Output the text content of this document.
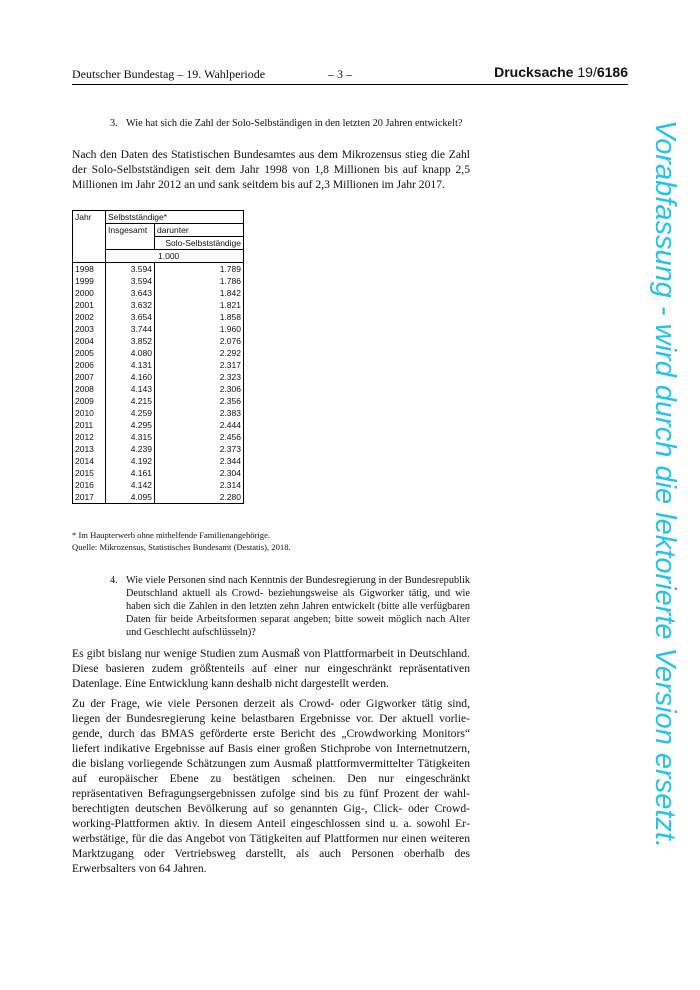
Deutscher Bundestag – 19. Wahlperiode	– 3 –	Drucksache 19/6186
3. Wie hat sich die Zahl der Solo-Selbständigen in den letzten 20 Jahren entwickelt?

Nach den Daten des Statistischen Bundesamtes aus dem Mikrozensus stieg die Zahl der Solo-Selbstständigen seit dem Jahr 1998 von 1,8 Millionen bis auf knapp 2,5 Millionen im Jahr 2012 an und sank seitdem bis auf 2,3 Millionen im Jahr 2017.

Jahr	Selbstständige*	
	Insgesamt	darunter
		Solo-Selbstständige
	1.000	
1998	3.594	1.789
1999	3.594	1.786
2000	3.643	1.842
2001	3.632	1.821
2002	3.654	1.858
2003	3.744	1.960
2004	3.852	2.076
2005	4.080	2.292
2006	4.131	2.317
2007	4.160	2.323
2008	4.143	2.306
2009	4.215	2.356
2010	4.259	2.383
2011	4.295	2.444
2012	4.315	2.456
2013	4.239	2.373
2014	4.192	2.344
2015	4.161	2.304
2016	4.142	2.314
2017	4.095	2.280
* Im Haupterwerb ohne mithelfende Familienangehörige.
Quelle: Mikrozensus, Statistisches Bundesamt (Destatis), 2018.
4. Wie viele Personen sind nach Kenntnis der Bundesregierung in der Bundesrepublik Deutschland aktuell als Crowd- beziehungsweise als Gigworker tätig, und wie haben sich die Zahlen in den letzten zehn Jahren entwickelt (bitte alle verfügbaren Daten für beide Arbeitsformen separat angeben; bitte soweit möglich nach Alter und Geschlecht aufschlüsseln)?

Es gibt bislang nur wenige Studien zum Ausmaß von Plattformarbeit in Deutschland. Diese basieren zudem größtenteils auf einer nur eingeschränkt repräsentativen Datenlage. Eine Entwicklung kann deshalb nicht dargestellt werden.

Zu der Frage, wie viele Personen derzeit als Crowd- oder Gigworker tätig sind, liegen der Bundesregierung keine belastbaren Ergebnisse vor. Der aktuell vorliegende, durch das BMAS geförderte erste Bericht des „Crowdworking Monitors“ liefert indikative Ergebnisse auf Basis einer großen Stichprobe von Internetnutzern, die bislang vorliegende Schätzungen zum Ausmaß plattformvermittelter Tätigkeiten auf europäischer Ebene zu bestätigen scheinen. Den nur eingeschränkt repräsentativen Befragungsergebnissen zufolge sind bis zu fünf Prozent der wahlberechtigten deutschen Bevölkerung auf so genannten Gig-, Click- oder Crowdworking-Plattformen aktiv. In diesem Anteil eingeschlossen sind u. a. sowohl Erwerbstätige, für die das Angebot von Tätigkeiten auf Plattformen nur einen weiteren Marktzugang oder Vertriebsweg darstellt, als auch Personen oberhalb des Erwerbsalters von 64 Jahren.

Vorabfassung - wird durch die lektorierte Version ersetzt.
